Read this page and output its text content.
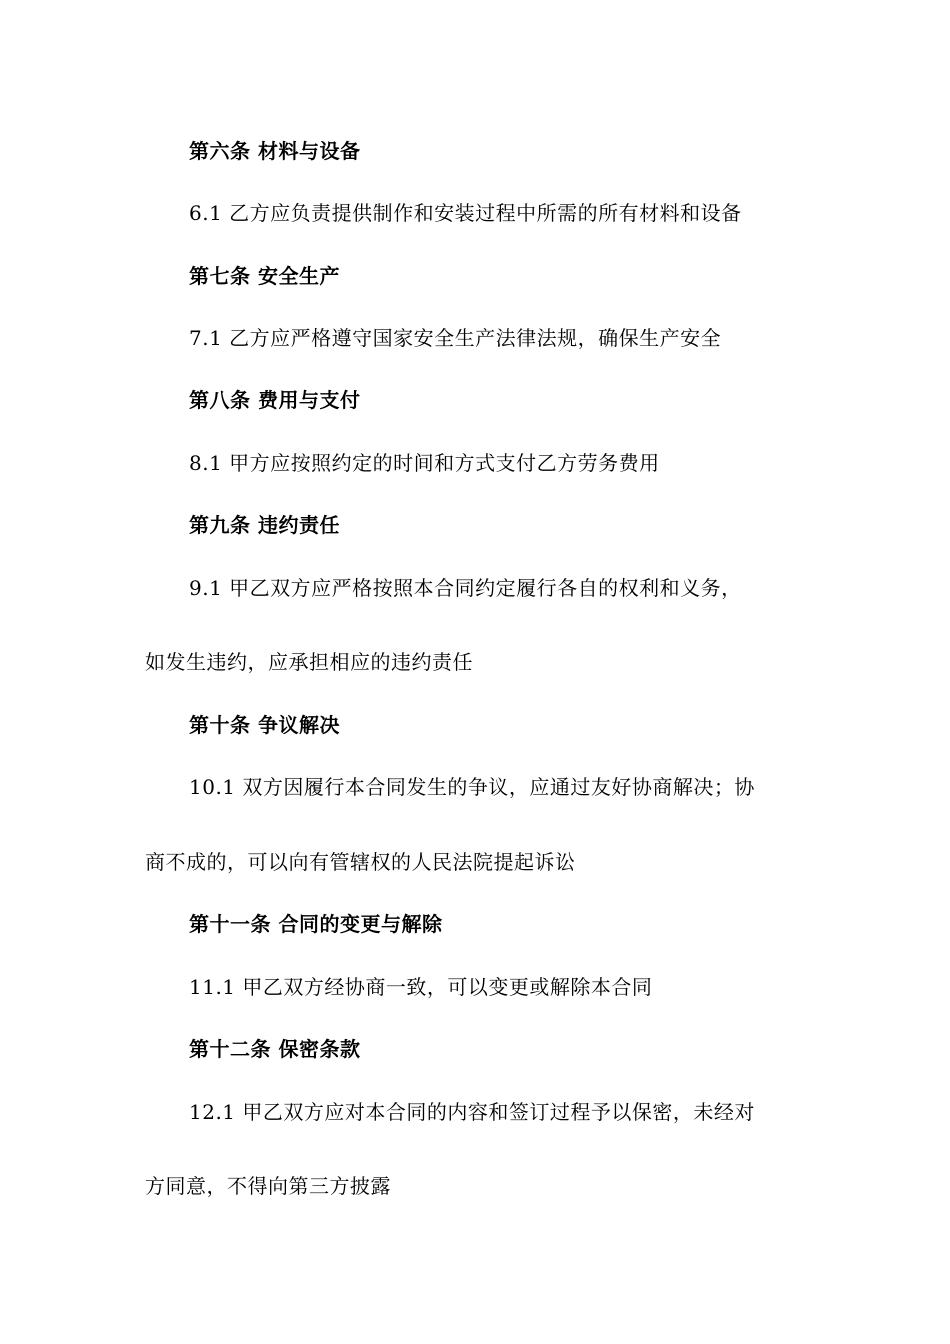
第六条 材料与设备
6.1 乙方应负责提供制作和安装过程中所需的所有材料和设备
第七条 安全生产
7.1 乙方应严格遵守国家安全生产法律法规，确保生产安全
第八条 费用与支付
8.1 甲方应按照约定的时间和方式支付乙方劳务费用
第九条 违约责任
9.1 甲乙双方应严格按照本合同约定履行各自的权利和义务，
如发生违约，应承担相应的违约责任
第十条 争议解决
10.1 双方因履行本合同发生的争议，应通过友好协商解决；协
商不成的，可以向有管辖权的人民法院提起诉讼
第十一条 合同的变更与解除
11.1 甲乙双方经协商一致，可以变更或解除本合同
第十二条 保密条款
12.1 甲乙双方应对本合同的内容和签订过程予以保密，未经对
方同意，不得向第三方披露
